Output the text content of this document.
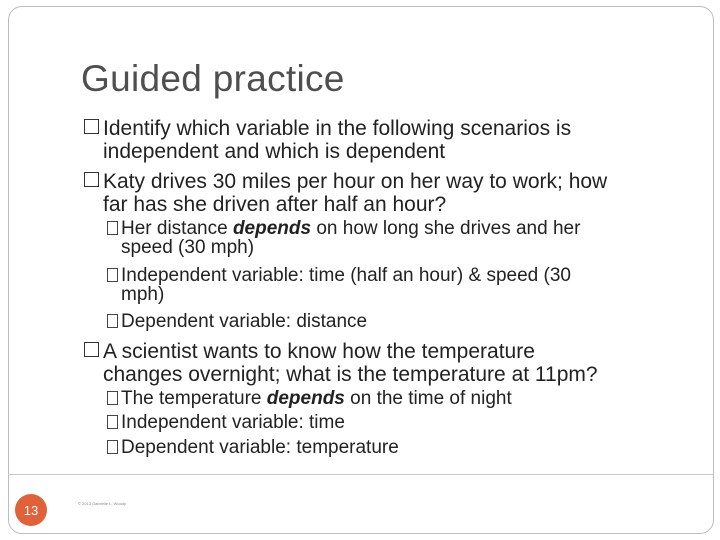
Guided practice
Identify which variable in the following scenarios is
independent and which is dependent
Katy drives 30 miles per hour on her way to work; how
far has she driven after half an hour?
Her distance depends on how long she drives and her
speed (30 mph)
Independent variable: time (half an hour) & speed (30
mph)
Dependent variable: distance
A scientist wants to know how the temperature
changes overnight; what is the temperature at 11pm?
The temperature depends on the time of night
Independent variable: time
Dependent variable: temperature
13	© 2013 Gabrielle L. Woody
